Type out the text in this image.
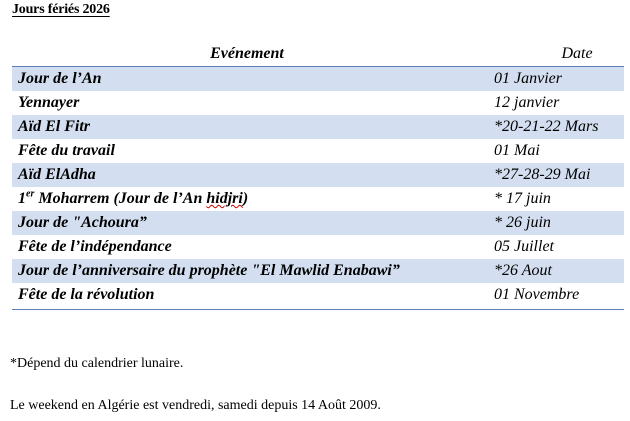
Jours fériés 2026
Evénement	Date
Jour de l’An	01 Janvier
Yennayer	12 janvier
Aïd El Fitr	*20-21-22 Mars
Fête du travail	01 Mai
Aïd ElAdha	*27-28-29 Mai
1er Moharrem (Jour de l’An hidjri)	* 17 juin
Jour de "Achoura”	* 26 juin
Fête de l’indépendance	05 Juillet
Jour de l’anniversaire du prophète "El Mawlid Enabawi”	*26 Aout
Fête de la révolution	01 Novembre
*Dépend du calendrier lunaire.
Le weekend en Algérie est vendredi, samedi depuis 14 Août 2009.
